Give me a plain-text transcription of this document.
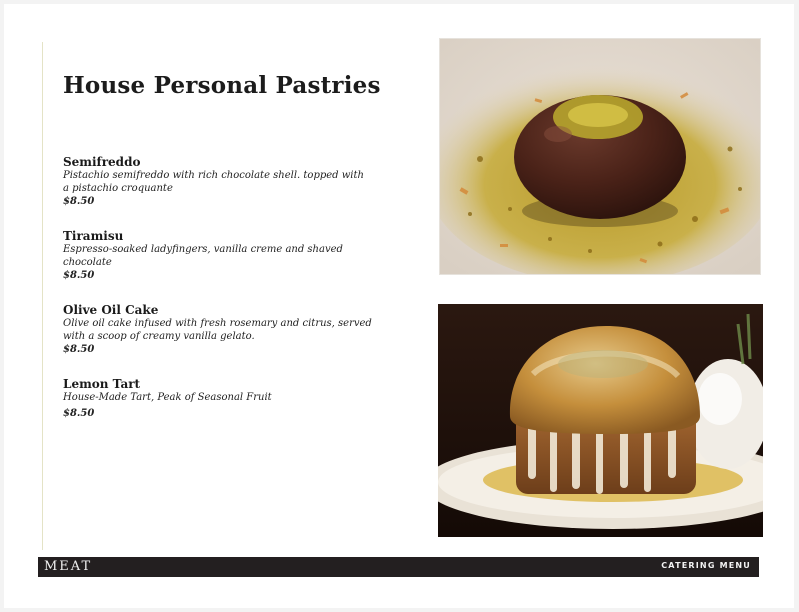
House Personal Pastries
Semifreddo
Pistachio semifreddo with rich chocolate shell. topped with a pistachio croquante
$8.50
Tiramisu
Espresso-soaked ladyfingers, vanilla creme and shaved chocolate
$8.50
Olive Oil Cake
Olive oil cake infused with fresh rosemary and citrus, served with a scoop of creamy vanilla gelato.
$8.50
Lemon Tart
House-Made Tart, Peak of Seasonal Fruit
$8.50
MEAT	CATERING MENU
